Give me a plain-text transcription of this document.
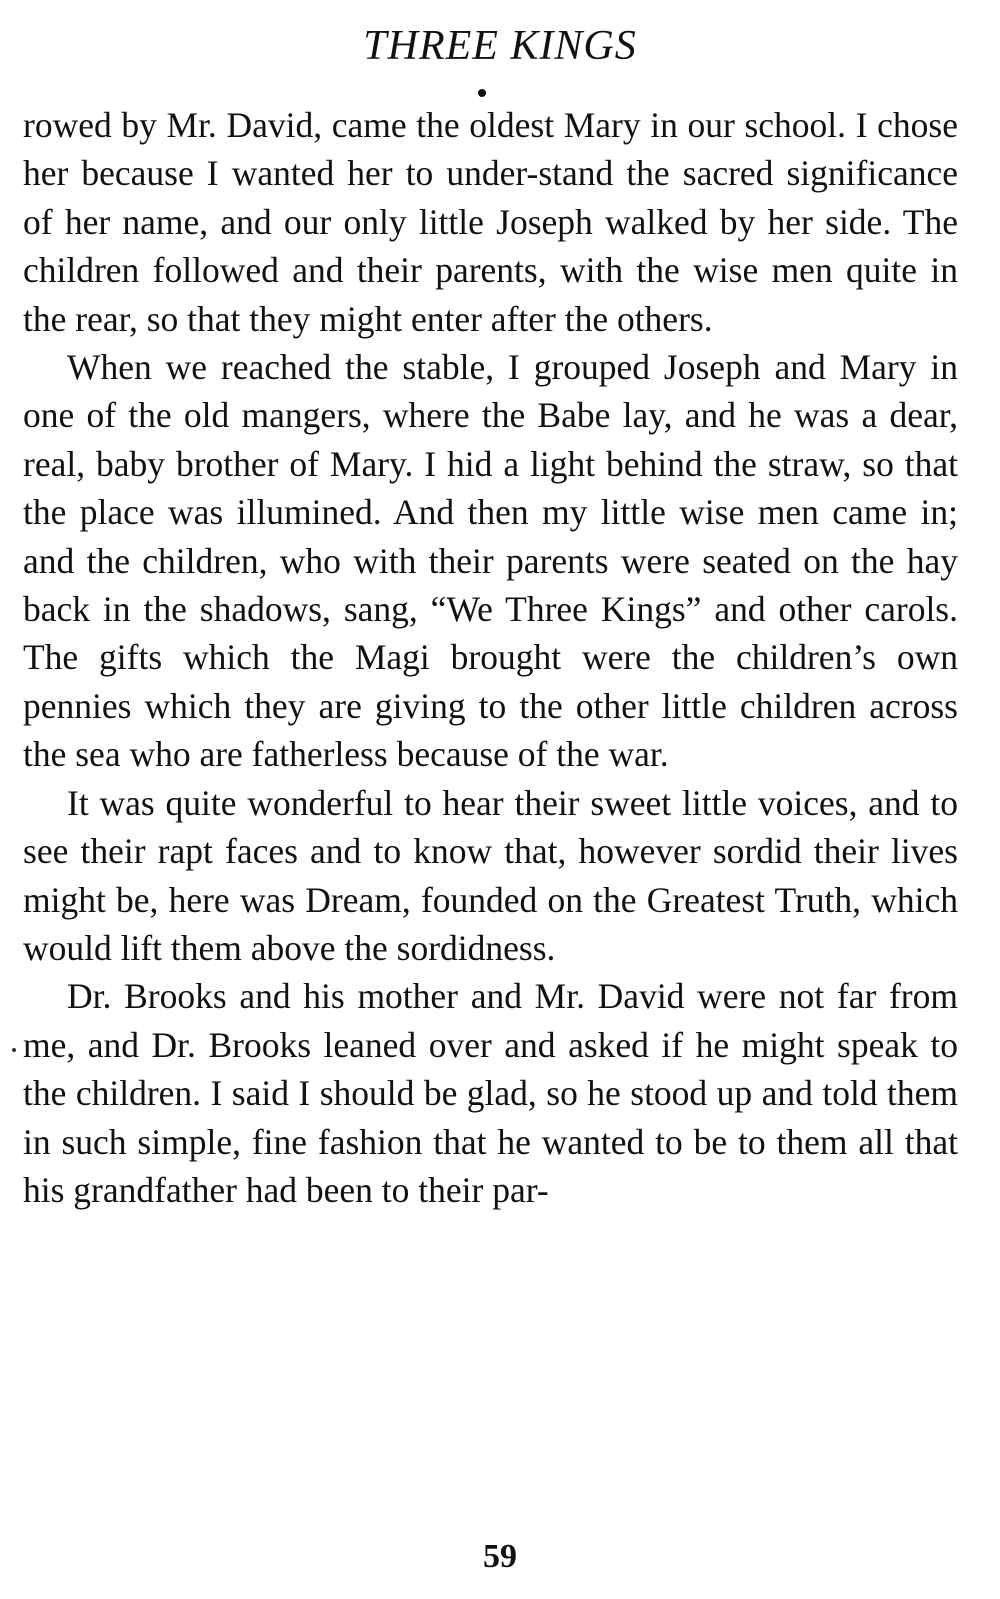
THREE KINGS

rowed by Mr. David, came the oldest Mary in our school. I chose her because I wanted her to under-stand the sacred significance of her name, and our only little Joseph walked by her side. The children followed and their parents, with the wise men quite in the rear, so that they might enter after the others.

When we reached the stable, I grouped Joseph and Mary in one of the old mangers, where the Babe lay, and he was a dear, real, baby brother of Mary. I hid a light behind the straw, so that the place was illumined. And then my little wise men came in; and the children, who with their parents were seated on the hay back in the shadows, sang, “We Three Kings” and other carols. The gifts which the Magi brought were the children’s own pennies which they are giving to the other little children across the sea who are fatherless because of the war.

It was quite wonderful to hear their sweet little voices, and to see their rapt faces and to know that, however sordid their lives might be, here was Dream, founded on the Greatest Truth, which would lift them above the sordidness.

Dr. Brooks and his mother and Mr. David were not far from me, and Dr. Brooks leaned over and asked if he might speak to the children. I said I should be glad, so he stood up and told them in such simple, fine fashion that he wanted to be to them all that his grandfather had been to their par-

59
